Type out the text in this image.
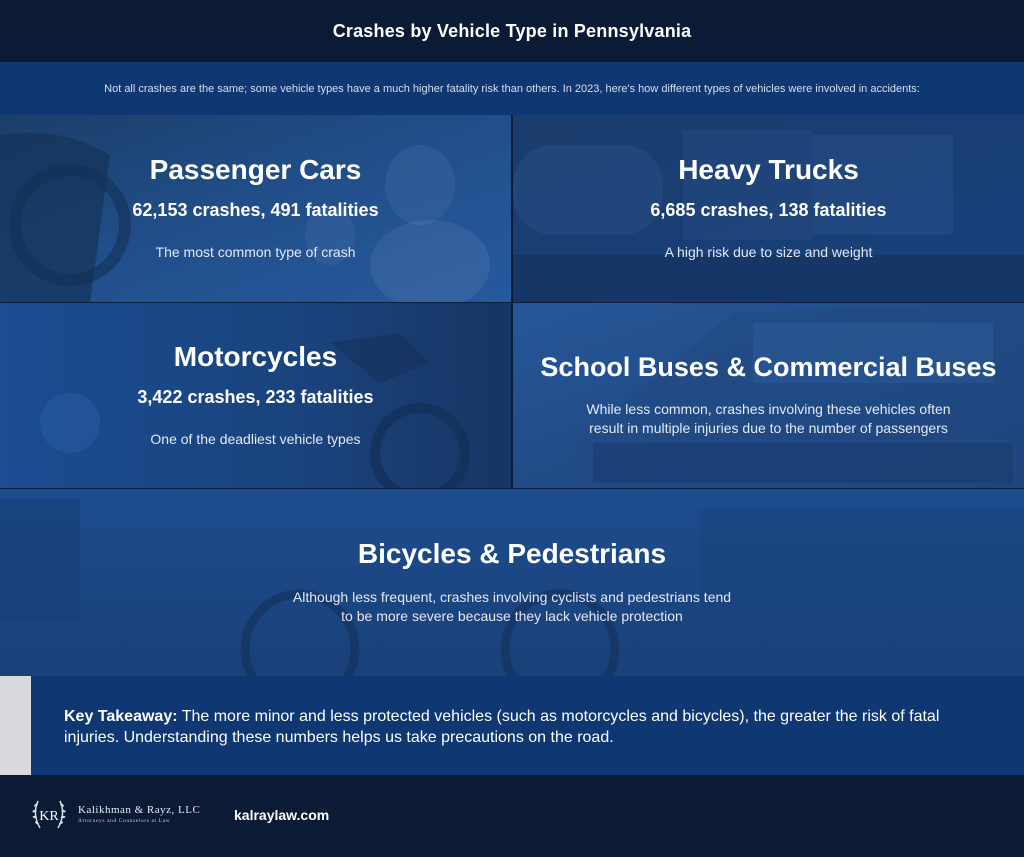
Crashes by Vehicle Type in Pennsylvania

Not all crashes are the same; some vehicle types have a much higher fatality risk than others. In 2023, here's how different types of vehicles were involved in accidents:

Passenger Cars
62,153 crashes, 491 fatalities
The most common type of crash
Heavy Trucks
6,685 crashes, 138 fatalities
A high risk due to size and weight
Motorcycles
3,422 crashes, 233 fatalities
One of the deadliest vehicle types
School Buses & Commercial Buses
While less common, crashes involving these vehicles often result in multiple injuries due to the number of passengers
Bicycles & Pedestrians
Although less frequent, crashes involving cyclists and pedestrians tend to be more severe because they lack vehicle protection

Key Takeaway: The more minor and less protected vehicles (such as motorcycles and bicycles), the greater the risk of fatal injuries. Understanding these numbers helps us take precautions on the road.

KR Kalikhman & Rayz, LLC
Attorneys and Counselors at Law	kalraylaw.com
